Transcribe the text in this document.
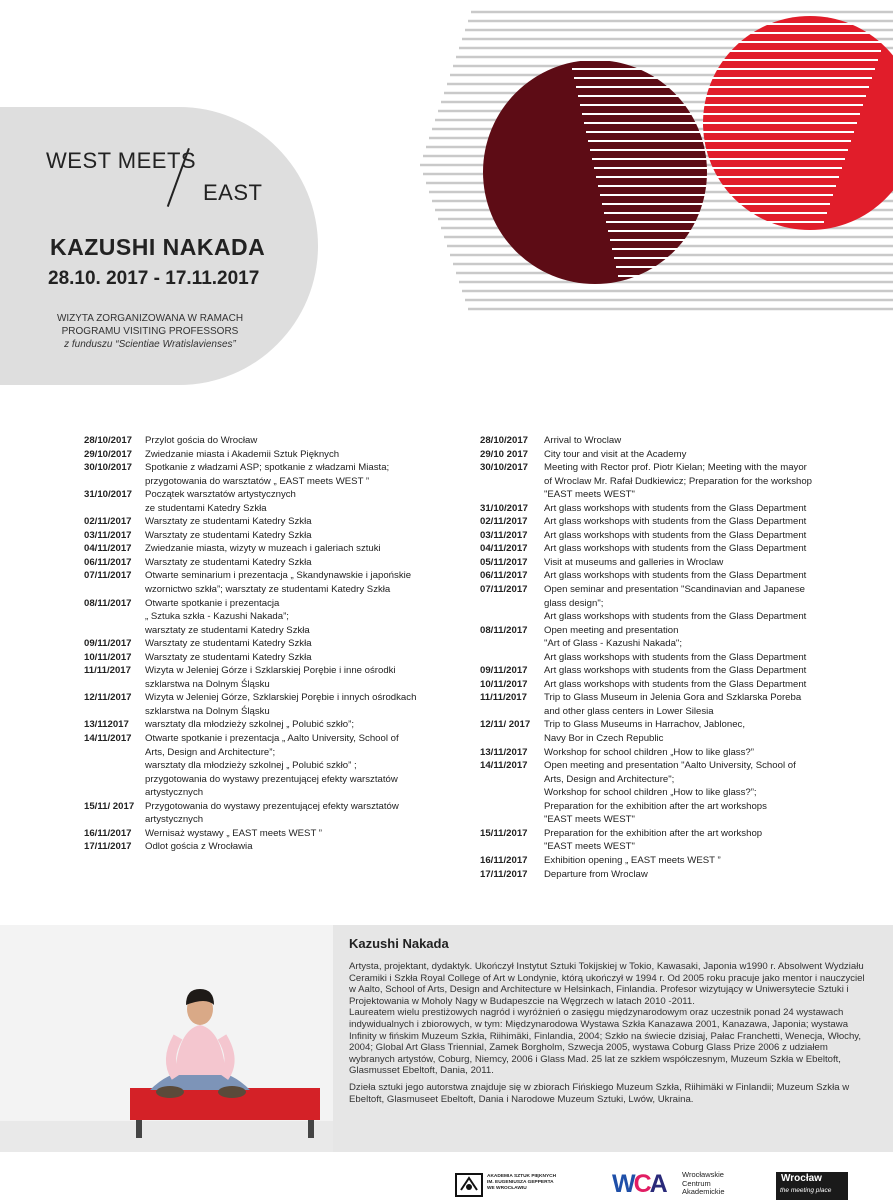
WEST MEETS
EAST
KAZUSHI NAKADA
28.10. 2017 - 17.11.2017
WIZYTA ZORGANIZOWANA W RAMACH
PROGRAMU VISITING PROFESSORS
z funduszu “Scientiae Wratislavienses”
28/10/2017	Przylot gościa do Wrocław
29/10/2017	Zwiedzanie miasta i Akademii Sztuk Pięknych
30/10/2017	Spotkanie z władzami ASP; spotkanie z władzami Miasta;
przygotowania do warsztatów „ EAST meets WEST ”
31/10/2017	Początek warsztatów artystycznych
ze studentami Katedry Szkła
02/11/2017	Warsztaty ze studentami Katedry Szkła
03/11/2017	Warsztaty ze studentami Katedry Szkła
04/11/2017	Zwiedzanie miasta, wizyty w muzeach i galeriach sztuki
06/11/2017	Warsztaty ze studentami Katedry Szkła
07/11/2017	Otwarte seminarium i prezentacja „ Skandynawskie i japońskie
wzornictwo szkła”; warsztaty ze studentami Katedry Szkła
08/11/2017	Otwarte spotkanie i prezentacja
„ Sztuka szkła - Kazushi Nakada”;
warsztaty ze studentami Katedry Szkła
09/11/2017	Warsztaty ze studentami Katedry Szkła
10/11/2017	Warsztaty ze studentami Katedry Szkła
11/11/2017	Wizyta w Jeleniej Górze i Szklarskiej Porębie i inne ośrodki
szklarstwa na Dolnym Śląsku
12/11/2017	Wizyta w Jeleniej Górze, Szklarskiej Porębie i innych ośrodkach
szklarstwa na Dolnym Śląsku
13/112017	warsztaty dla młodzieży szkolnej „ Polubić szkło”;
14/11/2017	Otwarte spotkanie i prezentacja „ Aalto University, School of
Arts, Design and Architecture”;
warsztaty dla młodzieży szkolnej „ Polubić szkło” ;
przygotowania do wystawy prezentującej efekty warsztatów
artystycznych
15/11/ 2017	Przygotowania do wystawy prezentującej efekty warsztatów
artystycznych
16/11/2017	Wernisaż wystawy „ EAST meets WEST ”
17/11/2017	Odlot gościa z Wrocławia
28/10/2017	Arrival to Wroclaw
29/10 2017	City tour and visit at the Academy
30/10/2017	Meeting with Rector prof. Piotr Kielan; Meeting with the mayor
of Wroclaw Mr. Rafał Dudkiewicz; Preparation for the workshop
"EAST meets WEST"
31/10/2017	Art glass workshops with students from the Glass Department
02/11/2017	Art glass workshops with students from the Glass Department
03/11/2017	Art glass workshops with students from the Glass Department
04/11/2017	Art glass workshops with students from the Glass Department
05/11/2017	Visit at museums and galleries in Wroclaw
06/11/2017	Art glass workshops with students from the Glass Department
07/11/2017	Open seminar and presentation "Scandinavian and Japanese
glass design";
Art glass workshops with students from the Glass Department
08/11/2017	Open meeting and presentation
"Art of Glass - Kazushi Nakada";
Art glass workshops with students from the Glass Department
09/11/2017	Art glass workshops with students from the Glass Department
10/11/2017	Art glass workshops with students from the Glass Department
11/11/2017	Trip to Glass Museum in Jelenia Gora and Szklarska Poreba
and other glass centers in Lower Silesia
12/11/ 2017	Trip to Glass Museums in Harrachov, Jablonec,
Navy Bor in Czech Republic
13/11/2017	Workshop for school children „How to like glass?”
14/11/2017	Open meeting and presentation "Aalto University, School of
Arts, Design and Architecture";
Workshop for school children „How to like glass?”;
Preparation for the exhibition after the art workshops
"EAST meets WEST"
15/11/2017	Preparation for the exhibition after the art workshop
"EAST meets WEST"
16/11/2017	Exhibition opening „ EAST meets WEST ”
17/11/2017	Departure from Wroclaw
Kazushi Nakada

Artysta, projektant, dydaktyk. Ukończył Instytut Sztuki Tokijskiej w Tokio, Kawasaki, Japonia w1990 r. Absolwent Wydziału Ceramiki i Szkła Royal College of Art w Londynie, którą ukończył w 1994 r. Od 2005 roku pracuje jako mentor i nauczyciel w Aalto, School of Arts, Design and Architecture w Helsinkach, Finlandia. Profesor wizytujący w Uniwersytecie Sztuki i Projektowania w Moholy Nagy w Budapeszcie na Węgrzech w latach 2010 -2011.
Laureatem wielu prestiżowych nagród i wyróżnień o zasięgu międzynarodowym oraz uczestnik ponad 24 wystawach indywidualnych i zbiorowych, w tym: Międzynarodowa Wystawa Szkła Kanazawa 2001, Kanazawa, Japonia; wystawa Infinity w fińskim Muzeum Szkła, Riihimäki, Finlandia, 2004; Szkło na świecie dzisiaj, Pałac Franchetti, Wenecja, Włochy, 2004; Global Art Glass Triennial, Zamek Borgholm, Szwecja 2005, wystawa Coburg Glass Prize 2006 z udziałem wybranych artystów, Coburg, Niemcy, 2006 i Glass Mad. 25 lat ze szkłem współczesnym, Muzeum Szkła w Ebeltoft, Glasmusset Ebeltoft, Dania, 2011.

Dzieła sztuki jego autorstwa znajduje się w zbiorach Fińskiego Muzeum Szkła, Riihimäki w Finlandii; Muzeum Szkła w Ebeltoft, Glasmuseet Ebeltoft, Dania i Narodowe Muzeum Sztuki, Lwów, Ukraina.

AKADEMIA SZTUK PIĘKNYCH
IM. EUGENIUSZA GEPPERTA
WE WROCŁAWIU	WCA Wrocławskie
Centrum
Akademickie
Wrocław
the meeting place
